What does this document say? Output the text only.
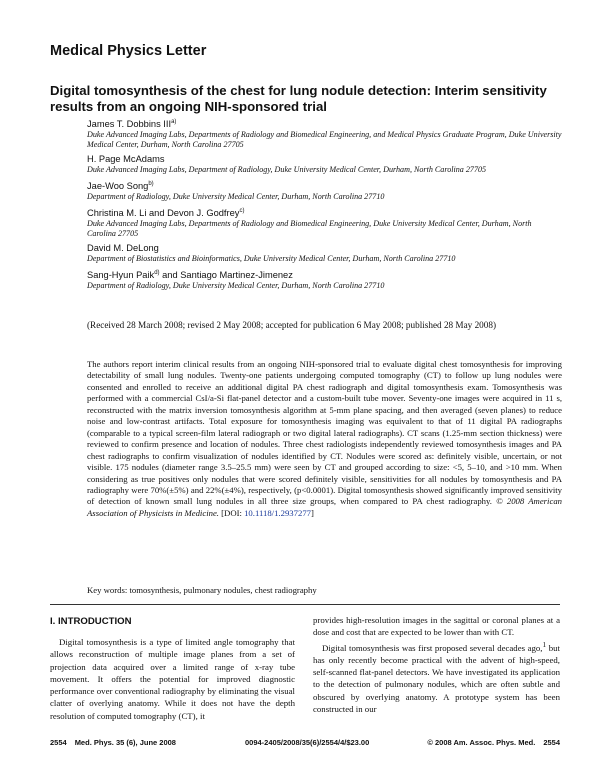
Medical Physics Letter
Digital tomosynthesis of the chest for lung nodule detection: Interim sensitivity results from an ongoing NIH-sponsored trial
James T. Dobbins III$^{a)}$
Duke Advanced Imaging Labs, Departments of Radiology and Biomedical Engineering, and Medical Physics Graduate Program, Duke University Medical Center, Durham, North Carolina 27705
H. Page McAdams
Duke Advanced Imaging Labs, Department of Radiology, Duke University Medical Center, Durham, North Carolina 27705
Jae-Woo Song$^{b)}$
Department of Radiology, Duke University Medical Center, Durham, North Carolina 27710
Christina M. Li and Devon J. Godfrey$^{c)}$
Duke Advanced Imaging Labs, Departments of Radiology and Biomedical Engineering, Duke University Medical Center, Durham, North Carolina 27705
David M. DeLong
Department of Biostatistics and Bioinformatics, Duke University Medical Center, Durham, North Carolina 27710
Sang-Hyun Paik$^{d)}$ and Santiago Martinez-Jimenez
Department of Radiology, Duke University Medical Center, Durham, North Carolina 27710
(Received 28 March 2008; revised 2 May 2008; accepted for publication 6 May 2008; published 28 May 2008)
The authors report interim clinical results from an ongoing NIH-sponsored trial to evaluate digital chest tomosynthesis for improving detectability of small lung nodules. Twenty-one patients undergoing computed tomography (CT) to follow up lung nodules were consented and enrolled to receive an additional digital PA chest radiograph and digital tomosynthesis exam. Tomosynthesis was performed with a commercial CsI/a-Si flat-panel detector and a custom-built tube mover. Seventy-one images were acquired in 11 s, reconstructed with the matrix inversion tomosynthesis algorithm at 5-mm plane spacing, and then averaged (seven planes) to reduce noise and low-contrast artifacts. Total exposure for tomosynthesis imaging was equivalent to that of 11 digital PA radiographs (comparable to a typical screen-film lateral radiograph or two digital lateral radiographs). CT scans (1.25-mm section thickness) were reviewed to confirm presence and location of nodules. Three chest radiologists independently reviewed tomosynthesis images and PA chest radiographs to confirm visualization of nodules identified by CT. Nodules were scored as: definitely visible, uncertain, or not visible. 175 nodules (diameter range 3.5–25.5 mm) were seen by CT and grouped according to size: <5, 5–10, and >10 mm. When considering as true positives only nodules that were scored definitely visible, sensitivities for all nodules by tomosynthesis and PA radiography were 70%(±5%) and 22%(±4%), respectively, (p<0.0001). Digital tomosynthesis showed significantly improved sensitivity of detection of known small lung nodules in all three size groups, when compared to PA chest radiography. © 2008 American Association of Physicists in Medicine. [DOI: 10.1118/1.2937277]
Key words: tomosynthesis, pulmonary nodules, chest radiography
I. INTRODUCTION

Digital tomosynthesis is a type of limited angle tomography that allows reconstruction of multiple image planes from a set of projection data acquired over a limited range of x-ray tube movement. It offers the potential for improved diagnostic performance over conventional radiography by eliminating the visual clatter of overlying anatomy. While it does not have the depth resolution of computed tomography (CT), it

provides high-resolution images in the sagittal or coronal planes at a dose and cost that are expected to be lower than with CT.

Digital tomosynthesis was first proposed several decades ago,$^1$ but has only recently become practical with the advent of high-speed, self-scanned flat-panel detectors. We have investigated its application to the detection of pulmonary nodules, which are often subtle and obscured by overlying anatomy. A prototype system has been constructed in our

2554 Med. Phys. 35 (6), June 2008	0094-2405/2008/35(6)/2554/4/$23.00	© 2008 Am. Assoc. Phys. Med. 2554
